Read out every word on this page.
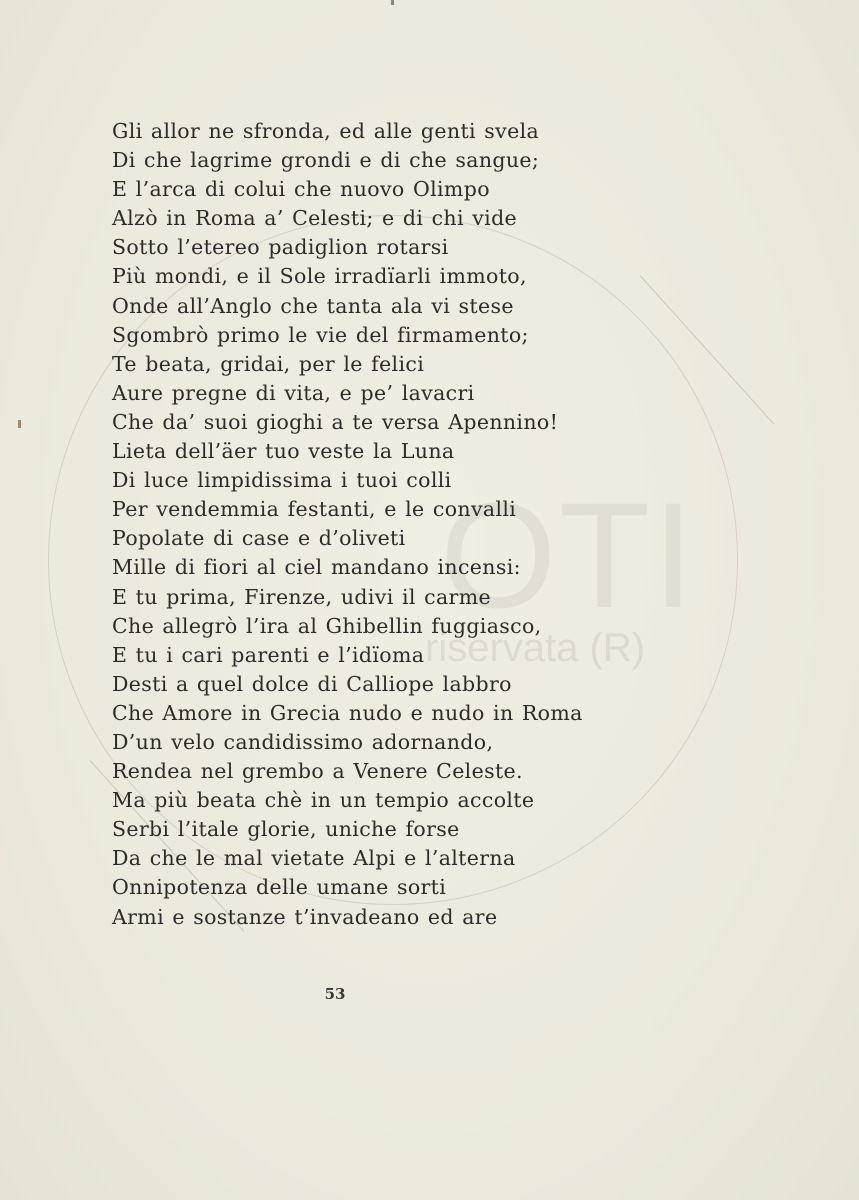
OTI
riservata (R)
Gli allor ne sfronda, ed alle genti svela
Di che lagrime grondi e di che sangue;
E l’arca di colui che nuovo Olimpo
Alzò in Roma a’ Celesti; e di chi vide
Sotto l’etereo padiglion rotarsi
Più mondi, e il Sole irradïarli immoto,
Onde all’Anglo che tanta ala vi stese
Sgombrò primo le vie del firmamento;
Te beata, gridai, per le felici
Aure pregne di vita, e pe’ lavacri
Che da’ suoi gioghi a te versa Apennino!
Lieta dell’äer tuo veste la Luna
Di luce limpidissima i tuoi colli
Per vendemmia festanti, e le convalli
Popolate di case e d’oliveti
Mille di fiori al ciel mandano incensi:
E tu prima, Firenze, udivi il carme
Che allegrò l’ira al Ghibellin fuggiasco,
E tu i cari parenti e l’idïoma
Desti a quel dolce di Calliope labbro
Che Amore in Grecia nudo e nudo in Roma
D’un velo candidissimo adornando,
Rendea nel grembo a Venere Celeste.
Ma più beata chè in un tempio accolte
Serbi l’itale glorie, uniche forse
Da che le mal vietate Alpi e l’alterna
Onnipotenza delle umane sorti
Armi e sostanze t’invadeano ed are
53
